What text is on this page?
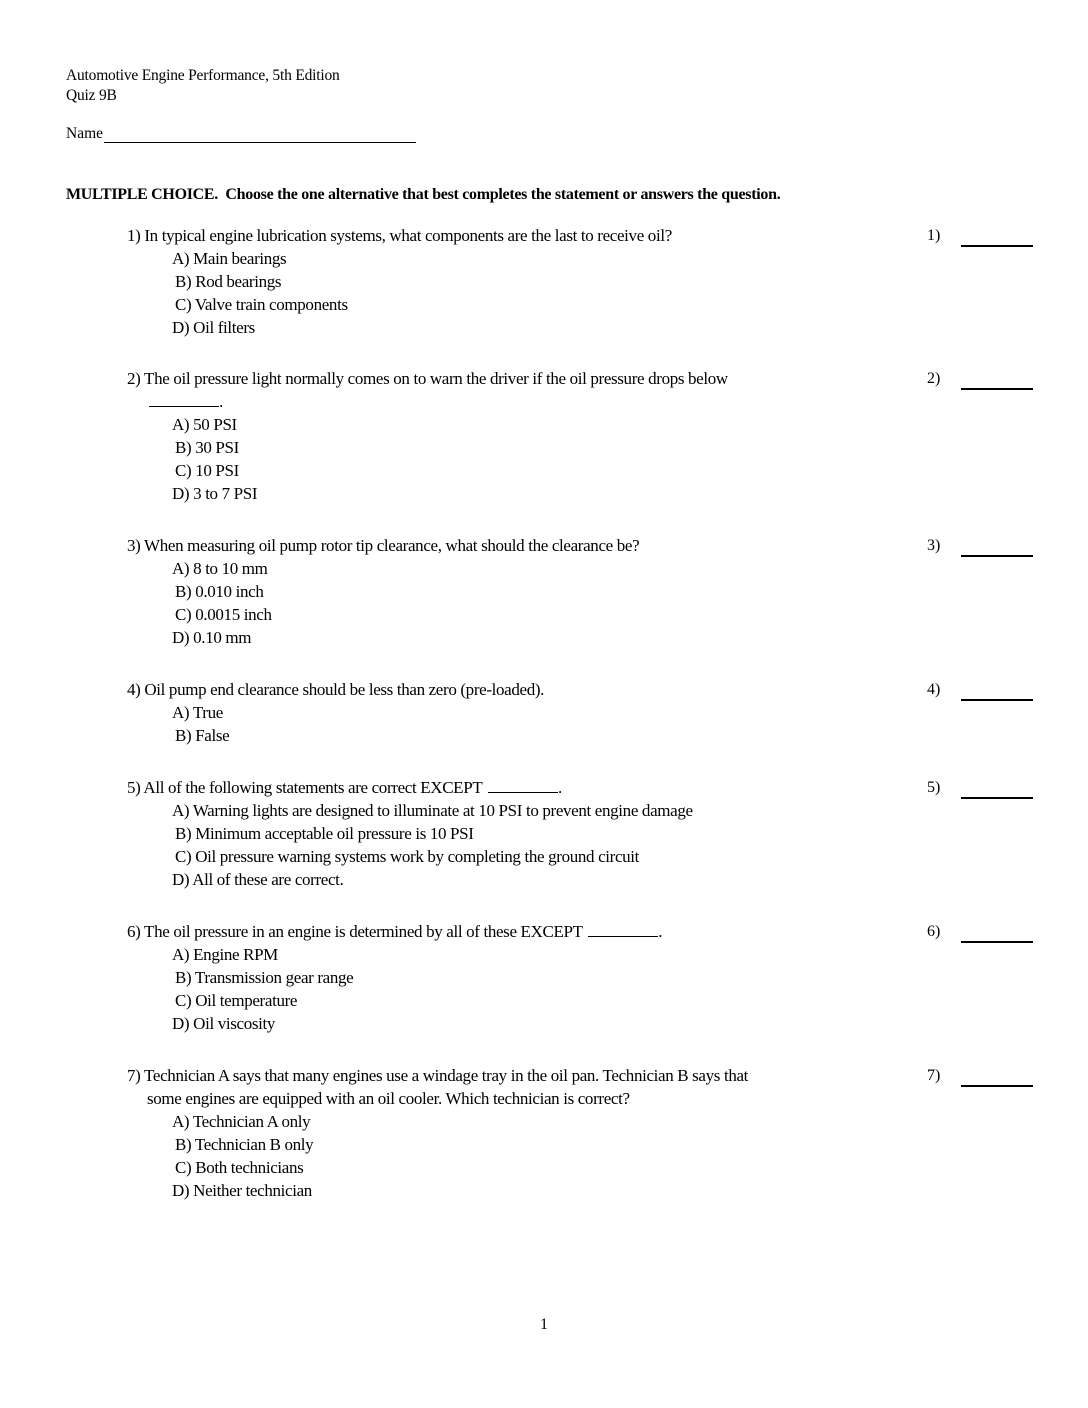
Automotive Engine Performance, 5th Edition
Quiz 9B
Name
MULTIPLE CHOICE. Choose the one alternative that best completes the statement or answers the question.
1) In typical engine lubrication systems, what components are the last to receive oil?
A) Main bearings
B) Rod bearings
C) Valve train components
D) Oil filters
1)
2) The oil pressure light normally comes on to warn the driver if the oil pressure drops below
.
A) 50 PSI
B) 30 PSI
C) 10 PSI
D) 3 to 7 PSI
2)
3) When measuring oil pump rotor tip clearance, what should the clearance be?
A) 8 to 10 mm
B) 0.010 inch
C) 0.0015 inch
D) 0.10 mm
3)
4) Oil pump end clearance should be less than zero (pre-loaded).
A) True
B) False
4)
5) All of the following statements are correct EXCEPT	.
A) Warning lights are designed to illuminate at 10 PSI to prevent engine damage
B) Minimum acceptable oil pressure is 10 PSI
C) Oil pressure warning systems work by completing the ground circuit
D) All of these are correct.
5)
6) The oil pressure in an engine is determined by all of these EXCEPT	.
A) Engine RPM
B) Transmission gear range
C) Oil temperature
D) Oil viscosity
6)
7) Technician A says that many engines use a windage tray in the oil pan. Technician B says that
some engines are equipped with an oil cooler. Which technician is correct?
A) Technician A only
B) Technician B only
C) Both technicians
D) Neither technician
7)
1
